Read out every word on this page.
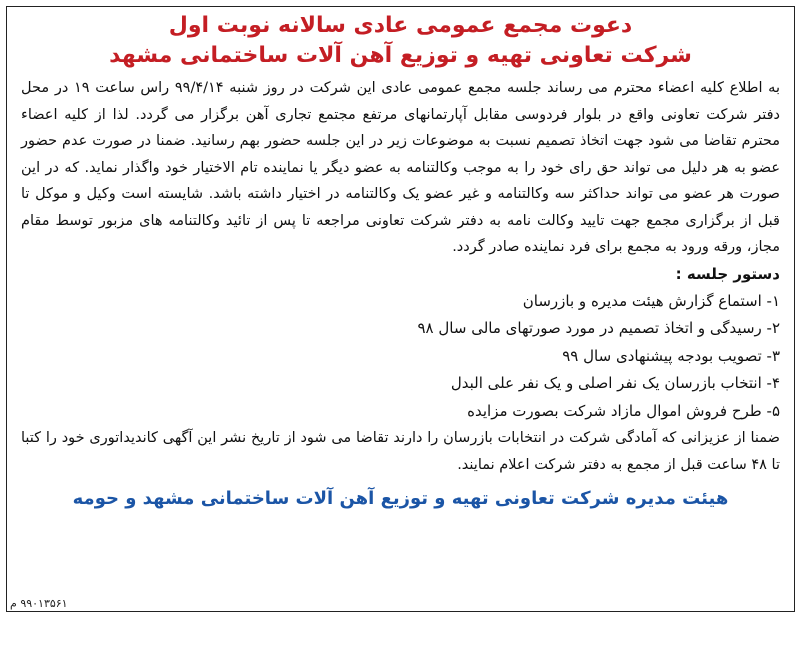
دعوت مجمع عمومی عادی سالانه نوبت اول
شرکت تعاونی تهیه و توزیع آهن آلات ساختمانی مشهد

به اطلاع کلیه اعضاء محترم می رساند جلسه مجمع عمومی عادی این شرکت در روز شنبه ۹۹/۴/۱۴ راس ساعت ۱۹ در محل دفتر شرکت تعاونی واقع در بلوار فردوسی مقابل آپارتمانهای مرتفع مجتمع تجاری آهن برگزار می گردد. لذا از کلیه اعضاء محترم تقاضا می شود جهت اتخاذ تصمیم نسبت به موضوعات زیر در این جلسه حضور بهم رسانید. ضمنا در صورت عدم حضور عضو به هر دلیل می تواند حق رای خود را به موجب وکالتنامه به عضو دیگر یا نماینده تام الاختیار خود واگذار نماید. که در این صورت هر عضو می تواند حداکثر سه وکالتنامه و غیر عضو یک وکالتنامه در اختیار داشته باشد. شایسته است وکیل و موکل تا قبل از برگزاری مجمع جهت تایید وکالت نامه به دفتر شرکت تعاونی مراجعه تا پس از تائید وکالتنامه های مزبور توسط مقام مجاز، ورقه ورود به مجمع برای فرد نماینده صادر گردد.

دستور جلسه :

۱- استماع گزارش هیئت مدیره و بازرسان
۲- رسیدگی و اتخاذ تصمیم در مورد صورتهای مالی سال ۹۸
۳- تصویب بودجه پیشنهادی سال ۹۹
۴- انتخاب بازرسان یک نفر اصلی و یک نفر علی البدل
۵- طرح فروش اموال مازاد شرکت بصورت مزایده

ضمنا از عزیزانی که آمادگی شرکت در انتخابات بازرسان را دارند تقاضا می شود از تاریخ نشر این آگهی کاندیداتوری خود را کتبا تا ۴۸ ساعت قبل از مجمع به دفتر شرکت اعلام نمایند.

هیئت مدیره شرکت تعاونی تهیه و توزیع آهن آلات ساختمانی مشهد و حومه
۹۹۰۱۳۵۶۱ م
